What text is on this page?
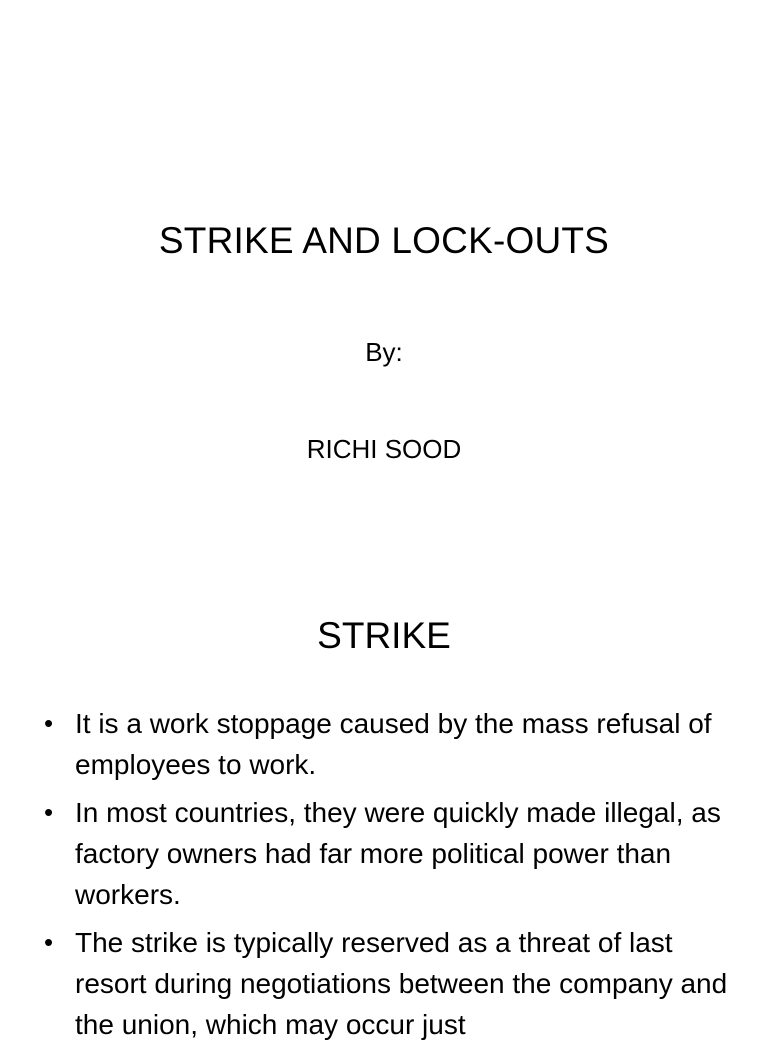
STRIKE AND LOCK-OUTS
By:
RICHI SOOD
STRIKE
• It is a work stoppage caused by the mass refusal of employees to work.
• In most countries, they were quickly made illegal, as factory owners had far more political power than workers.
• The strike is typically reserved as a threat of last resort during negotiations between the company and the union, which may occur just
